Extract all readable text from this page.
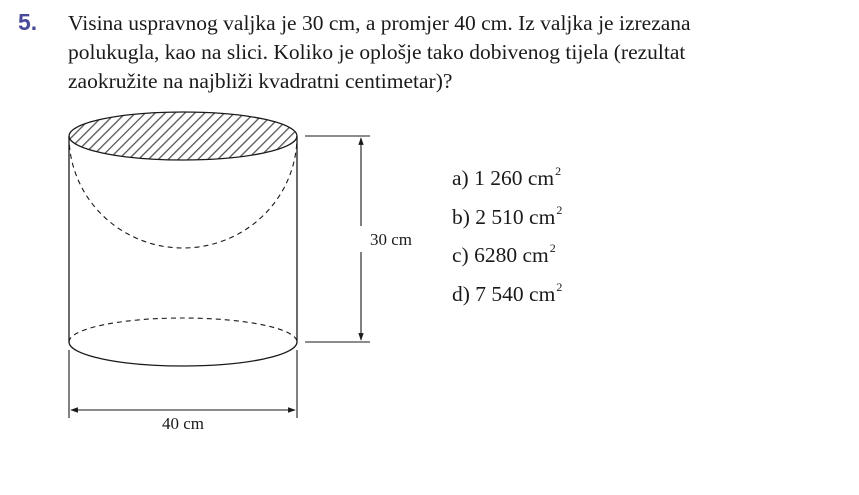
5. Visina uspravnog valjka je 30 cm, a promjer 40 cm. Iz valjka je izrezana
polukugla, kao na slici. Koliko je oplošje tako dobivenog tijela (rezultat
zaokružite na najbliži kvadratni centimetar)?
30 cm
40 cm
a) 1 260 $cm^2$
b) 2 510 $cm^2$
c) 6280 $cm^2$
d) 7 540 $cm^2$
